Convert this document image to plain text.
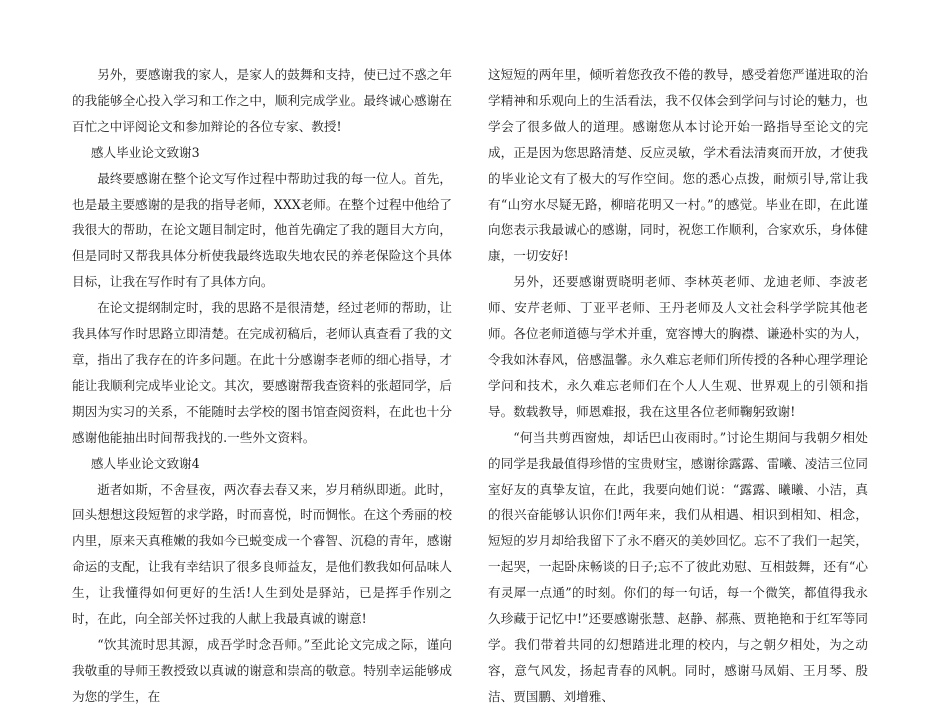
另外，要感谢我的家人，是家人的鼓舞和支持，使已过不惑之年的我能够全心投入学习和工作之中，顺利完成学业。最终诚心感谢在百忙之中评阅论文和参加辩论的各位专家、教授!

感人毕业论文致谢3

最终要感谢在整个论文写作过程中帮助过我的每一位人。首先，也是最主要感谢的是我的指导老师，XXX老师。在整个过程中他给了我很大的帮助，在论文题目制定时，他首先确定了我的题目大方向，但是同时又帮我具体分析使我最终选取失地农民的养老保险这个具体目标，让我在写作时有了具体方向。

在论文提纲制定时，我的思路不是很清楚，经过老师的帮助，让我具体写作时思路立即清楚。在完成初稿后，老师认真查看了我的文章，指出了我存在的许多问题。在此十分感谢李老师的细心指导，才能让我顺利完成毕业论文。其次，要感谢帮我查资料的张超同学，后期因为实习的关系，不能随时去学校的图书馆查阅资料，在此也十分感谢他能抽出时间帮我找的.一些外文资料。

感人毕业论文致谢4

逝者如斯，不舍昼夜，两次春去春又来，岁月稍纵即逝。此时，回头想想这段短暂的求学路，时而喜悦，时而惆怅。在这个秀丽的校内里，原来天真稚嫩的我如今已蜕变成一个睿智、沉稳的青年，感谢命运的支配，让我有幸结识了很多良师益友，是他们教我如何品味人生，让我懂得如何更好的生活!人生到处是驿站，已是挥手作别之时，在此，向全部关怀过我的人献上我最真诚的谢意!

“饮其流时思其源，成吾学时念吾师。”至此论文完成之际，谨向我敬重的导师王教授致以真诚的谢意和崇高的敬意。特别幸运能够成为您的学生，在

这短短的两年里，倾听着您孜孜不倦的教导，感受着您严谨进取的治学精神和乐观向上的生活看法，我不仅体会到学问与讨论的魅力，也学会了很多做人的道理。感谢您从本讨论开始一路指导至论文的完成，正是因为您思路清楚、反应灵敏，学术看法清爽而开放，才使我的毕业论文有了极大的写作空间。您的悉心点拨，耐烦引导,常让我有“山穷水尽疑无路，柳暗花明又一村。”的感觉。毕业在即，在此谨向您表示我最诚心的感谢，同时，祝您工作顺利，合家欢乐，身体健康，一切安好!

另外，还要感谢贾晓明老师、李林英老师、龙迪老师、李波老师、安芹老师、丁亚平老师、王丹老师及人文社会科学学院其他老师。各位老师道德与学术并重，宽容博大的胸襟、谦逊朴实的为人，令我如沐春风，倍感温馨。永久难忘老师们所传授的各种心理学理论学问和技术，永久难忘老师们在个人人生观、世界观上的引领和指导。数载教导，师恩难报，我在这里各位老师鞠躬致谢!

“何当共剪西窗烛，却话巴山夜雨时。”讨论生期间与我朝夕相处的同学是我最值得珍惜的宝贵财宝，感谢徐露露、雷曦、凌洁三位同室好友的真挚友谊，在此，我要向她们说：“露露、曦曦、小洁，真的很兴奋能够认识你们!两年来，我们从相遇、相识到相知、相念，短短的岁月却给我留下了永不磨灭的美妙回忆。忘不了我们一起笑，一起哭，一起卧床畅谈的日子;忘不了彼此劝慰、互相鼓舞，还有“心有灵犀一点通”的时刻。你们的每一句话，每一个微笑，都值得我永久珍藏于记忆中!”还要感谢张慧、赵静、郝燕、贾艳艳和于红军等同学。我们带着共同的幻想踏进北理的校内，与之朝夕相处，为之动容，意气风发，扬起青春的风帆。同时，感谢马凤娟、王月琴、殷洁、贾国鹏、刘增雅、
